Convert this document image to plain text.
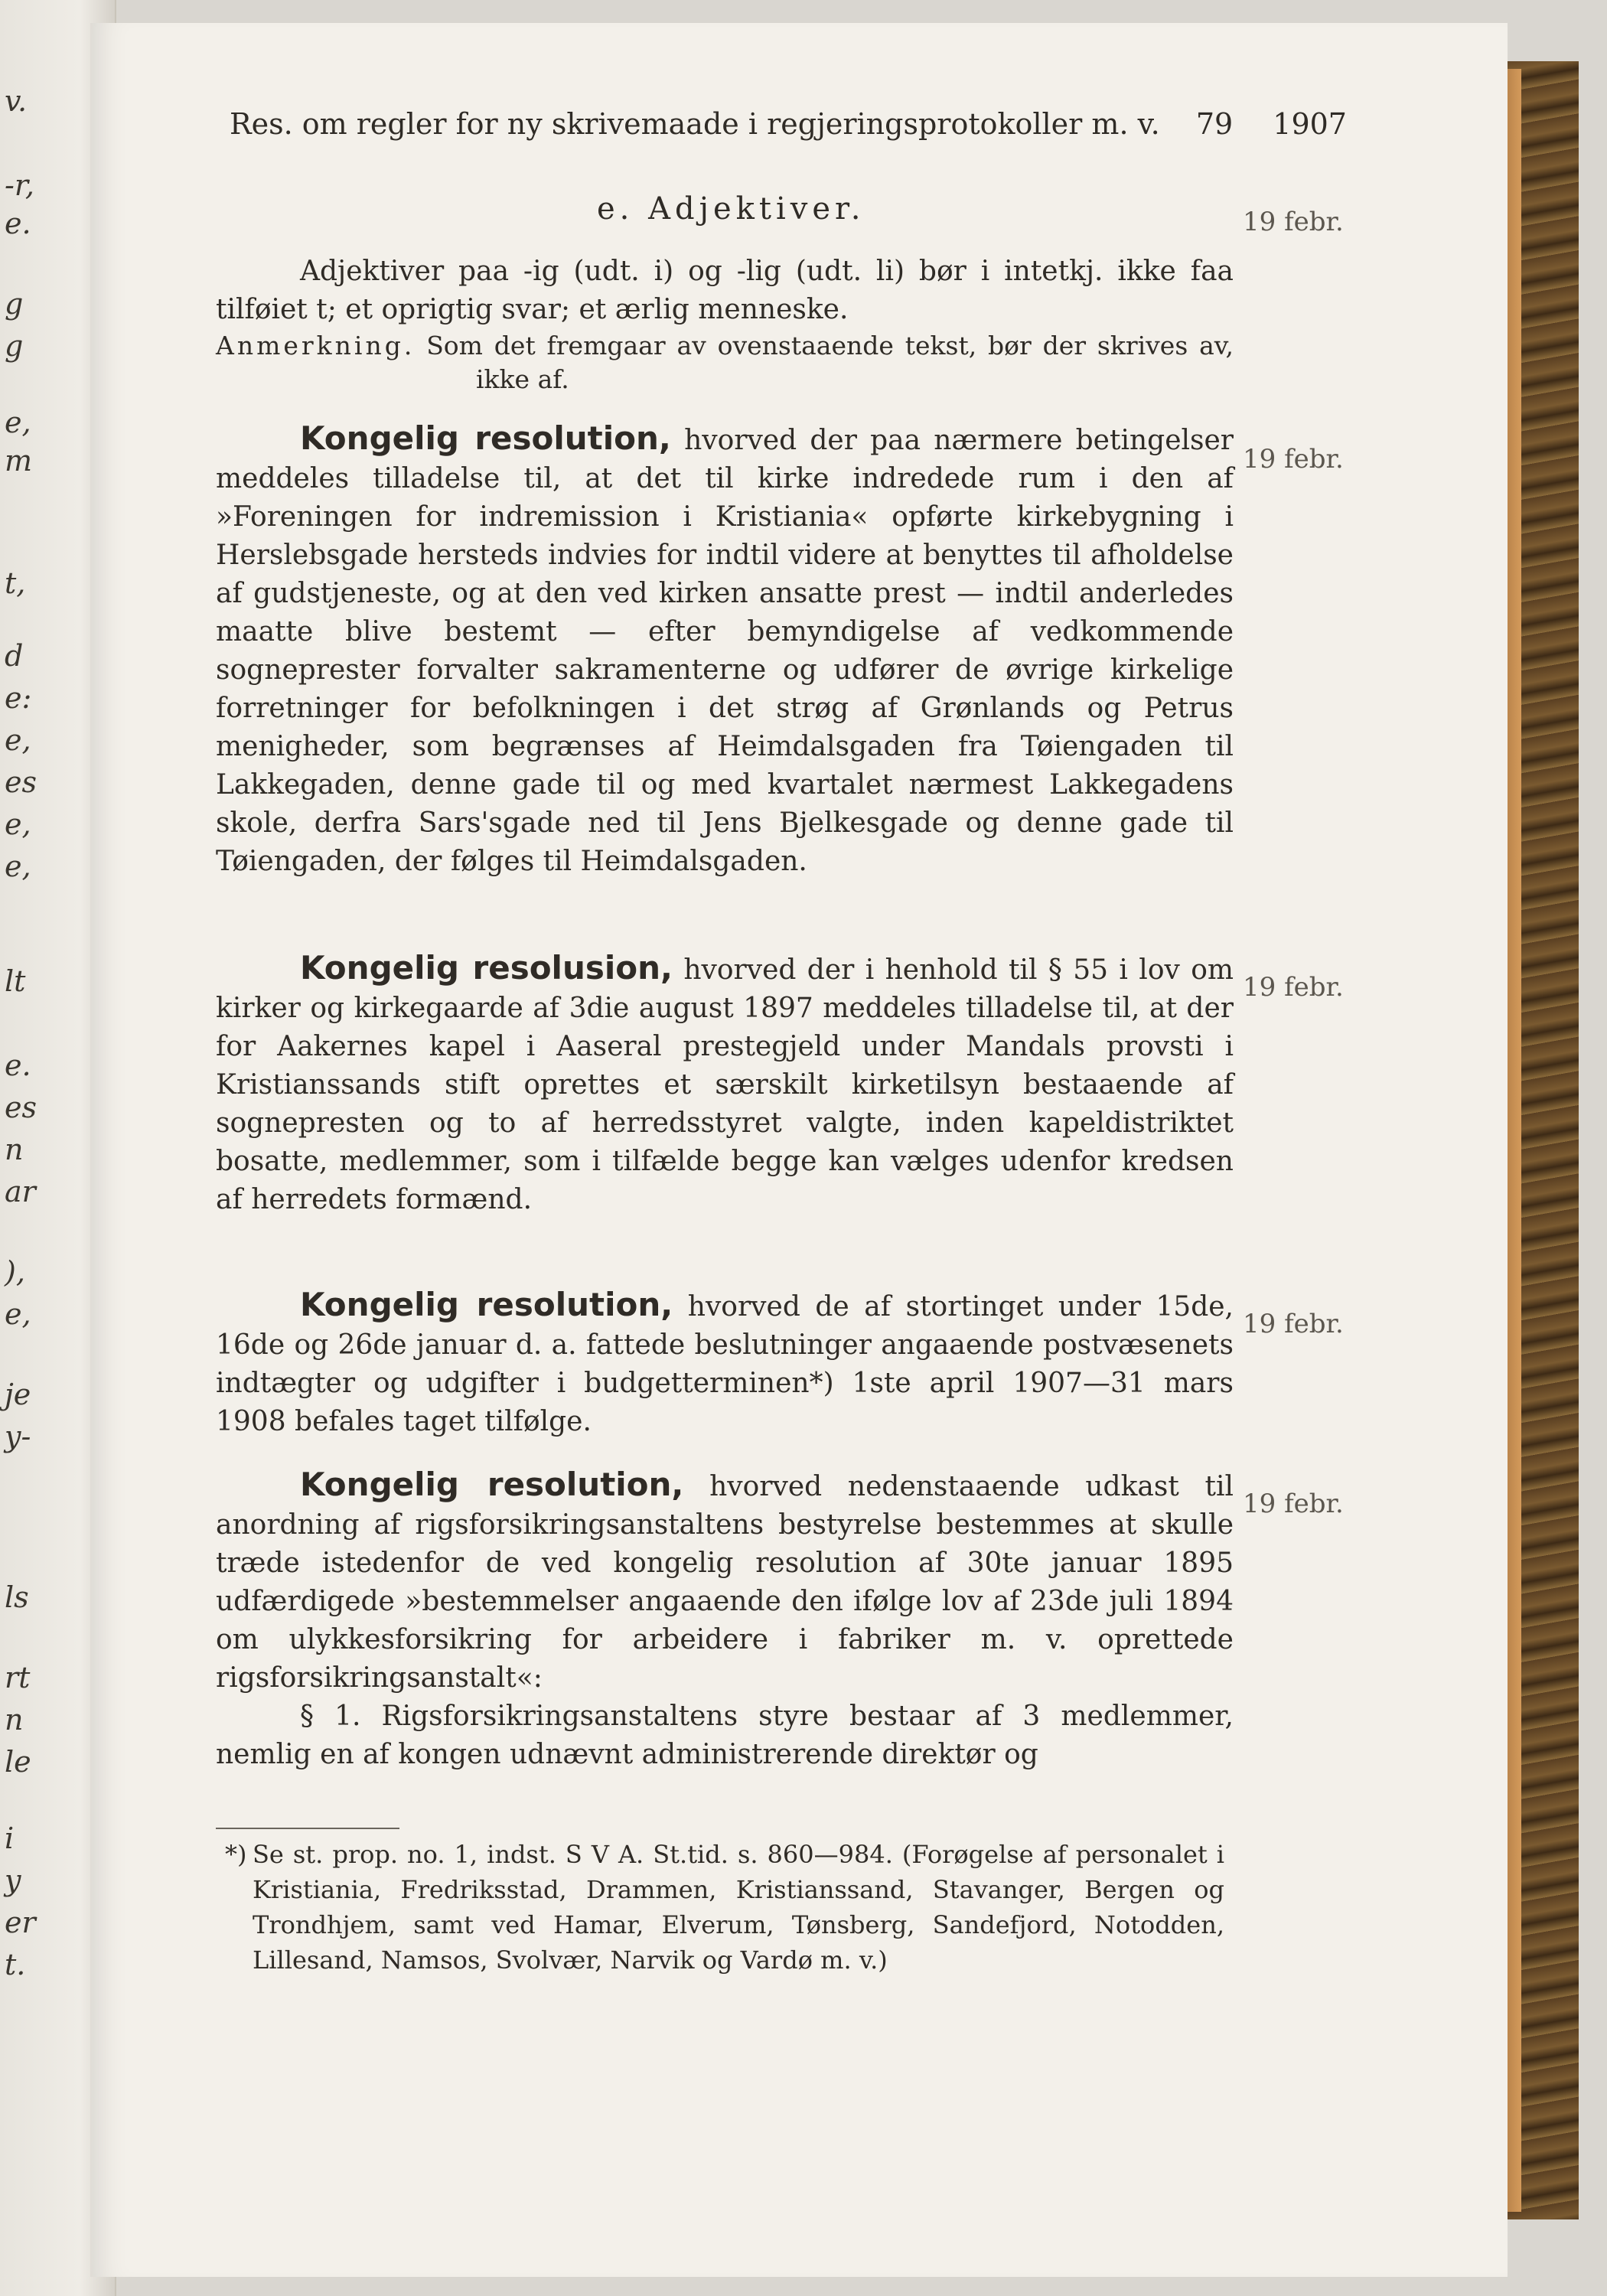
v.
-r,
e.
g
g
e,
m
t,
d
e:
e,
es
e,
e,
lt
e.
es
n
ar
),
e,
je
y-
ls
rt
n
le
i
y
er
t.
Res. om regler for ny skrivemaade i regjeringsprotokoller m. v.	79 1907
e. Adjektiver.	19 febr.

Adjektiver paa -ig (udt. i) og -lig (udt. li) bør i intetkj. ikke faa tilføiet t; et oprigtig svar; et ærlig menneske.

Anmerkning. Som det fremgaar av ovenstaaende tekst, bør der skrives av, ikke af.

19 febr.

Kongelig resolution, hvorved der paa nærmere betingelser meddeles tilladelse til, at det til kirke indredede rum i den af »Foreningen for indremission i Kristiania« opførte kirkebygning i Herslebsgade hersteds indvies for indtil videre at benyttes til afholdelse af gudstjeneste, og at den ved kirken ansatte prest — indtil anderledes maatte blive bestemt — efter bemyndigelse af vedkommende sogneprester forvalter sakramenterne og udfører de øvrige kirkelige forretninger for befolkningen i det strøg af Grønlands og Petrus menigheder, som begrænses af Heimdalsgaden fra Tøiengaden til Lakkegaden, denne gade til og med kvartalet nærmest Lakkegadens skole, derfra Sars'sgade ned til Jens Bjelkesgade og denne gade til Tøiengaden, der følges til Heimdalsgaden.

19 febr.

Kongelig resolusion, hvorved der i henhold til § 55 i lov om kirker og kirkegaarde af 3die august 1897 meddeles tilladelse til, at der for Aakernes kapel i Aaseral prestegjeld under Mandals provsti i Kristianssands stift oprettes et særskilt kirketilsyn bestaaende af sognepresten og to af herredsstyret valgte, inden kapeldistriktet bosatte, medlemmer, som i tilfælde begge kan vælges udenfor kredsen af herredets formænd.

19 febr.

Kongelig resolution, hvorved de af stortinget under 15de, 16de og 26de januar d. a. fattede beslutninger angaaende postvæsenets indtægter og udgifter i budgetterminen*) 1ste april 1907—31 mars 1908 befales taget tilfølge.

19 febr.

Kongelig resolution, hvorved nedenstaaende udkast til anordning af rigsforsikringsanstaltens bestyrelse bestemmes at skulle træde istedenfor de ved kongelig resolution af 30te januar 1895 udfærdigede »bestemmelser angaaende den ifølge lov af 23de juli 1894 om ulykkesforsikring for arbeidere i fabriker m. v. oprettede rigsforsikringsanstalt«:

§ 1. Rigsforsikringsanstaltens styre bestaar af 3 medlemmer, nemlig en af kongen udnævnt administrerende direktør og

*) Se st. prop. no. 1, indst. S V A. St.tid. s. 860—984. (Forøgelse af personalet i Kristiania, Fredriksstad, Drammen, Kristianssand, Stavanger, Bergen og Trondhjem, samt ved Hamar, Elverum, Tønsberg, Sandefjord, Notodden, Lillesand, Namsos, Svolvær, Narvik og Vardø m. v.)
